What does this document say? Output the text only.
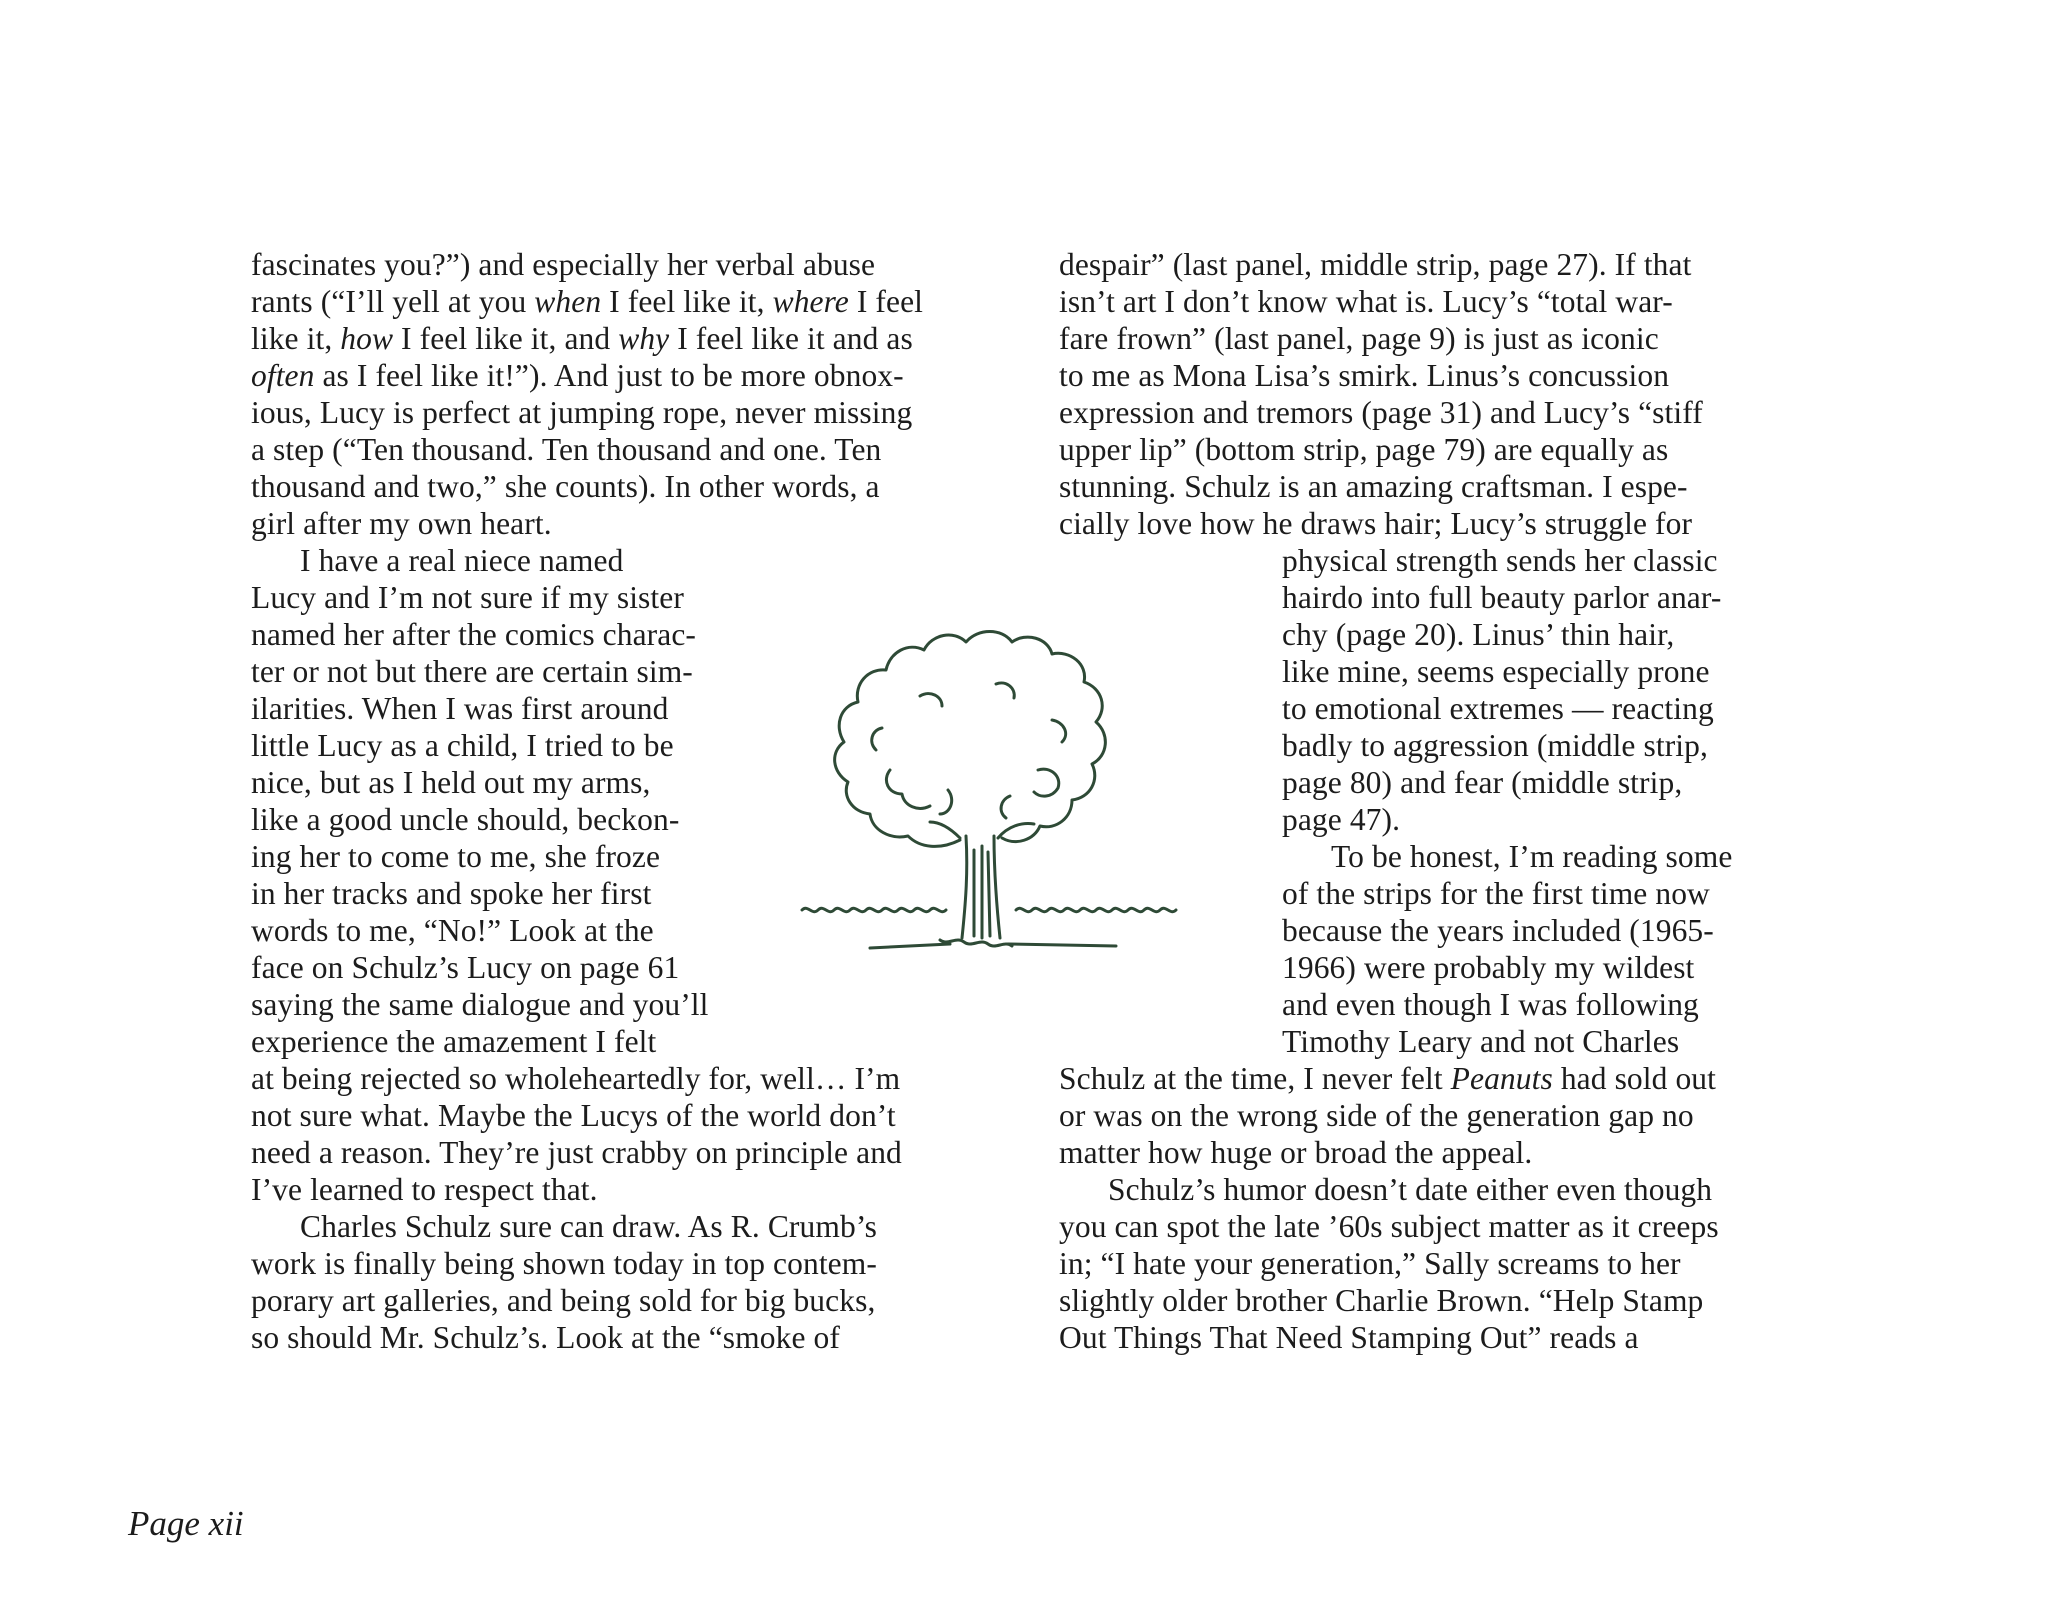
fascinates you?”) and especially her verbal abuse
rants (“I’ll yell at you when I feel like it, where I feel
like it, how I feel like it, and why I feel like it and as
often as I feel like it!”). And just to be more obnox-
ious, Lucy is perfect at jumping rope, never missing
a step (“Ten thousand. Ten thousand and one. Ten
thousand and two,” she counts). In other words, a
girl after my own heart.
I have a real niece named
Lucy and I’m not sure if my sister
named her after the comics charac-
ter or not but there are certain sim-
ilarities. When I was first around
little Lucy as a child, I tried to be
nice, but as I held out my arms,
like a good uncle should, beckon-
ing her to come to me, she froze
in her tracks and spoke her first
words to me, “No!” Look at the
face on Schulz’s Lucy on page 61
saying the same dialogue and you’ll
experience the amazement I felt
at being rejected so wholeheartedly for, well… I’m
not sure what. Maybe the Lucys of the world don’t
need a reason. They’re just crabby on principle and
I’ve learned to respect that.
Charles Schulz sure can draw. As R. Crumb’s
work is finally being shown today in top contem-
porary art galleries, and being sold for big bucks,
so should Mr. Schulz’s. Look at the “smoke of
despair” (last panel, middle strip, page 27). If that
isn’t art I don’t know what is. Lucy’s “total war-
fare frown” (last panel, page 9) is just as iconic
to me as Mona Lisa’s smirk. Linus’s concussion
expression and tremors (page 31) and Lucy’s “stiff
upper lip” (bottom strip, page 79) are equally as
stunning. Schulz is an amazing craftsman. I espe-
cially love how he draws hair; Lucy’s struggle for
physical strength sends her classic
hairdo into full beauty parlor anar-
chy (page 20). Linus’ thin hair,
like mine, seems especially prone
to emotional extremes — reacting
badly to aggression (middle strip,
page 80) and fear (middle strip,
page 47).
To be honest, I’m reading some
of the strips for the first time now
because the years included (1965-
1966) were probably my wildest
and even though I was following
Timothy Leary and not Charles
Schulz at the time, I never felt Peanuts had sold out
or was on the wrong side of the generation gap no
matter how huge or broad the appeal.
Schulz’s humor doesn’t date either even though
you can spot the late ’60s subject matter as it creeps
in; “I hate your generation,” Sally screams to her
slightly older brother Charlie Brown. “Help Stamp
Out Things That Need Stamping Out” reads a
Page xii
